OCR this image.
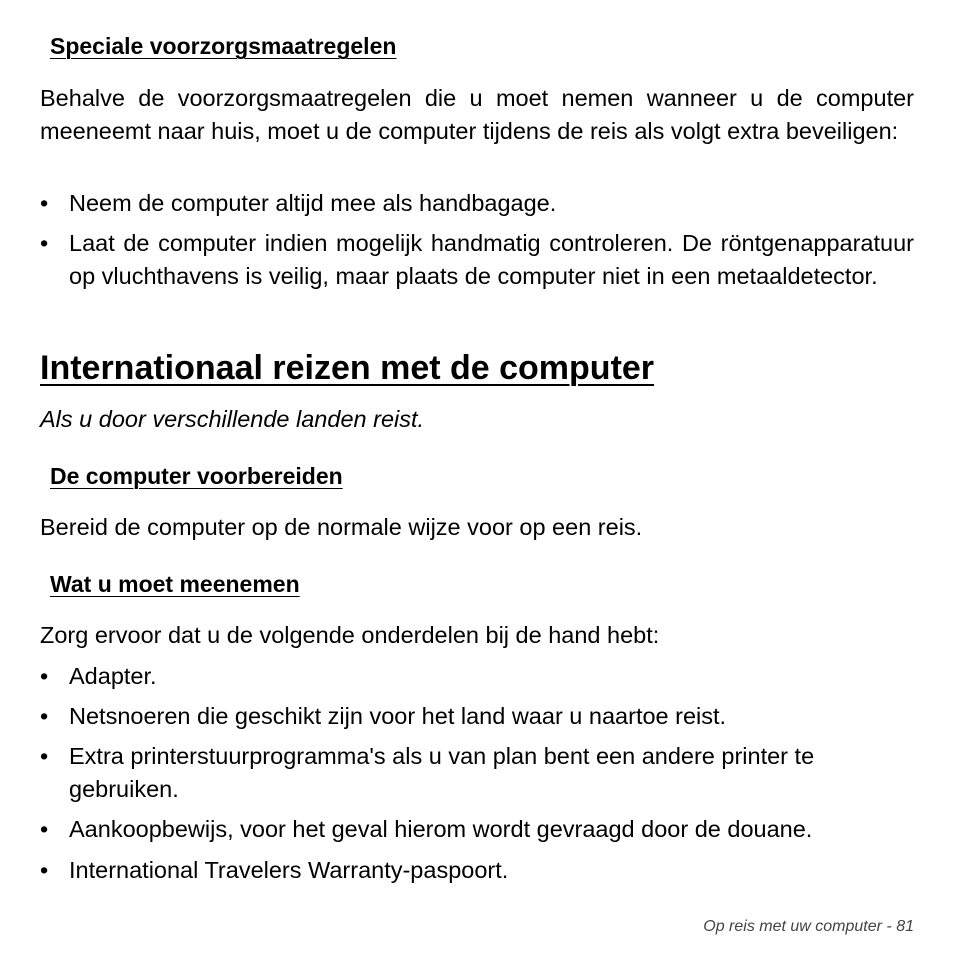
Speciale voorzorgsmaatregelen

Behalve de voorzorgsmaatregelen die u moet nemen wanneer u de computer meeneemt naar huis, moet u de computer tijdens de reis als volgt extra beveiligen:

• Neem de computer altijd mee als handbagage.
• Laat de computer indien mogelijk handmatig controleren. De röntgenapparatuur op vluchthavens is veilig, maar plaats de computer niet in een metaaldetector.
Internationaal reizen met de computer
Als u door verschillende landen reist.
De computer voorbereiden

Bereid de computer op de normale wijze voor op een reis.

Wat u moet meenemen

Zorg ervoor dat u de volgende onderdelen bij de hand hebt:

• Adapter.
• Netsnoeren die geschikt zijn voor het land waar u naartoe reist.
• Extra printerstuurprogramma's als u van plan bent een andere printer te gebruiken.
• Aankoopbewijs, voor het geval hierom wordt gevraagd door de douane.
• International Travelers Warranty-paspoort.
Op reis met uw computer - 81
